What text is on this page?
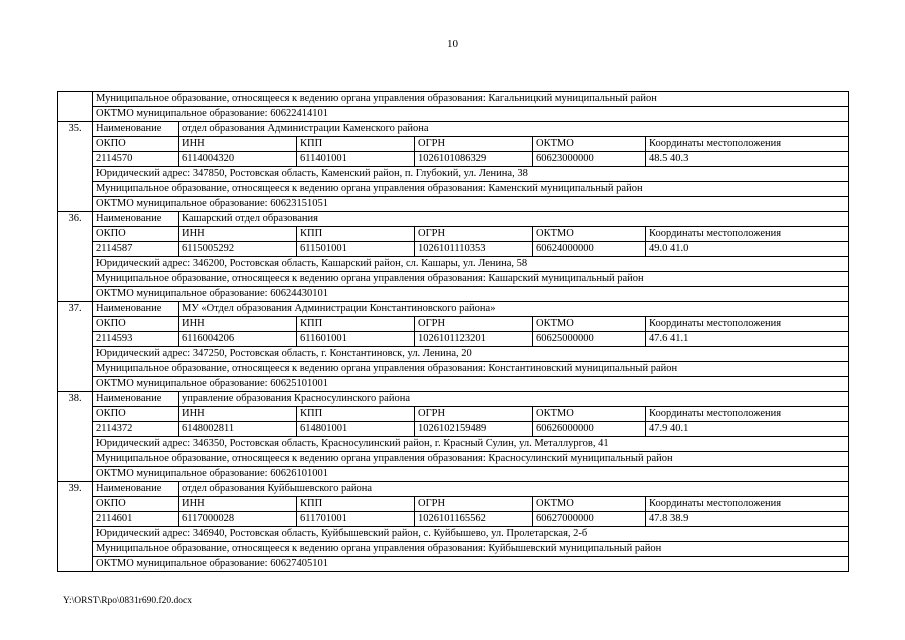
10
	Муниципальное образование, относящееся к ведению органа управления образования: Кагальницкий муниципальный район					
	ОКТМО муниципальное образование: 60622414101					
35.	Наименование	отдел образования Администрации Каменского района				
	ОКПО	ИНН	КПП	ОГРН	ОКТМО	Координаты местоположения
	2114570	6114004320	611401001	1026101086329	60623000000	48.5 40.3
	Юридический адрес: 347850, Ростовская область, Каменский район, п. Глубокий, ул. Ленина, 38					
	Муниципальное образование, относящееся к ведению органа управления образования: Каменский муниципальный район					
	ОКТМО муниципальное образование: 60623151051					
36.	Наименование	Кашарский отдел образования				
	ОКПО	ИНН	КПП	ОГРН	ОКТМО	Координаты местоположения
	2114587	6115005292	611501001	1026101110353	60624000000	49.0 41.0
	Юридический адрес: 346200, Ростовская область, Кашарский район, сл. Кашары, ул. Ленина, 58					
	Муниципальное образование, относящееся к ведению органа управления образования: Кашарский муниципальный район					
	ОКТМО муниципальное образование: 60624430101					
37.	Наименование	МУ «Отдел образования Администрации Константиновского района»				
	ОКПО	ИНН	КПП	ОГРН	ОКТМО	Координаты местоположения
	2114593	6116004206	611601001	1026101123201	60625000000	47.6 41.1
	Юридический адрес: 347250, Ростовская область, г. Константиновск, ул. Ленина, 20					
	Муниципальное образование, относящееся к ведению органа управления образования: Константиновский муниципальный район					
	ОКТМО муниципальное образование: 60625101001					
38.	Наименование	управление образования Красносулинского района				
	ОКПО	ИНН	КПП	ОГРН	ОКТМО	Координаты местоположения
	2114372	6148002811	614801001	1026102159489	60626000000	47.9 40.1
	Юридический адрес: 346350, Ростовская область, Красносулинский район, г. Красный Сулин, ул. Металлургов, 41					
	Муниципальное образование, относящееся к ведению органа управления образования: Красносулинский муниципальный район					
	ОКТМО муниципальное образование: 60626101001					
39.	Наименование	отдел образования Куйбышевского района				
	ОКПО	ИНН	КПП	ОГРН	ОКТМО	Координаты местоположения
	2114601	6117000028	611701001	1026101165562	60627000000	47.8 38.9
	Юридический адрес: 346940, Ростовская область, Куйбышевский район, с. Куйбышево, ул. Пролетарская, 2-б					
	Муниципальное образование, относящееся к ведению органа управления образования: Куйбышевский муниципальный район					
	ОКТМО муниципальное образование: 60627405101					
Y:\ORST\Rpo\0831r690.f20.docx
